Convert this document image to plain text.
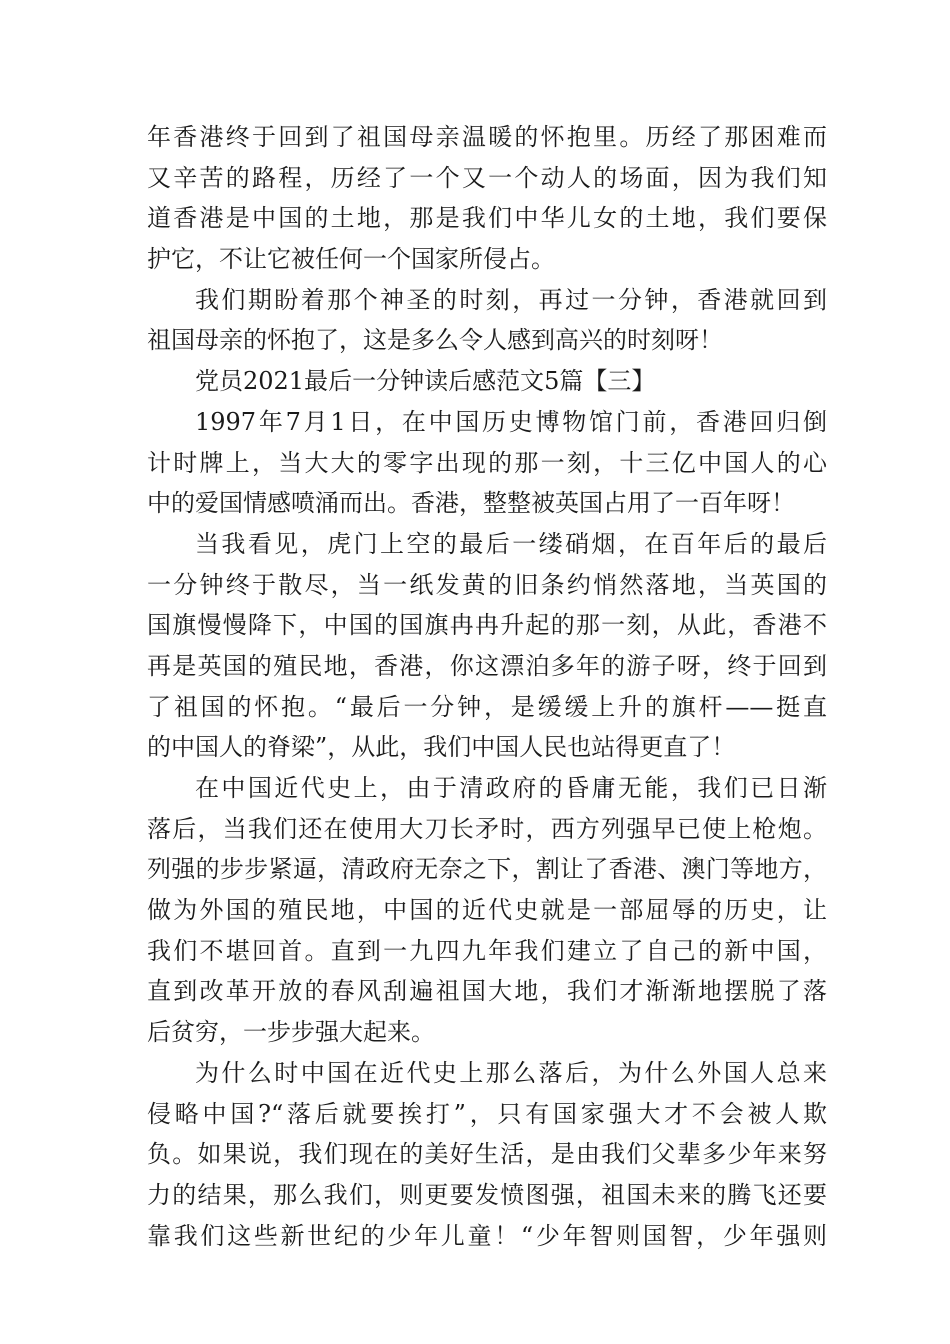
年香港终于回到了祖国母亲温暖的怀抱里。历经了那困难而
又辛苦的路程，历经了一个又一个动人的场面，因为我们知
道香港是中国的土地，那是我们中华儿女的土地，我们要保
护它，不让它被任何一个国家所侵占。
我们期盼着那个神圣的时刻，再过一分钟，香港就回到
祖国母亲的怀抱了，这是多么令人感到高兴的时刻呀！
党员2021最后一分钟读后感范文5篇【三】
1997年7月1日，在中国历史博物馆门前，香港回归倒
计时牌上，当大大的零字出现的那一刻，十三亿中国人的心
中的爱国情感喷涌而出。香港，整整被英国占用了一百年呀！
当我看见，虎门上空的最后一缕硝烟，在百年后的最后
一分钟终于散尽，当一纸发黄的旧条约悄然落地，当英国的
国旗慢慢降下，中国的国旗冉冉升起的那一刻，从此，香港不
再是英国的殖民地，香港，你这漂泊多年的游子呀，终于回到
了祖国的怀抱。“最后一分钟，是缓缓上升的旗杆——挺直
的中国人的脊梁”，从此，我们中国人民也站得更直了！
在中国近代史上，由于清政府的昏庸无能，我们已日渐
落后，当我们还在使用大刀长矛时，西方列强早已使上枪炮。
列强的步步紧逼，清政府无奈之下，割让了香港、澳门等地方，
做为外国的殖民地，中国的近代史就是一部屈辱的历史，让
我们不堪回首。直到一九四九年我们建立了自己的新中国，
直到改革开放的春风刮遍祖国大地，我们才渐渐地摆脱了落
后贫穷，一步步强大起来。
为什么时中国在近代史上那么落后，为什么外国人总来
侵略中国?“落后就要挨打”，只有国家强大才不会被人欺
负。如果说，我们现在的美好生活，是由我们父辈多少年来努
力的结果，那么我们，则更要发愤图强，祖国未来的腾飞还要
靠我们这些新世纪的少年儿童！“少年智则国智，少年强则
